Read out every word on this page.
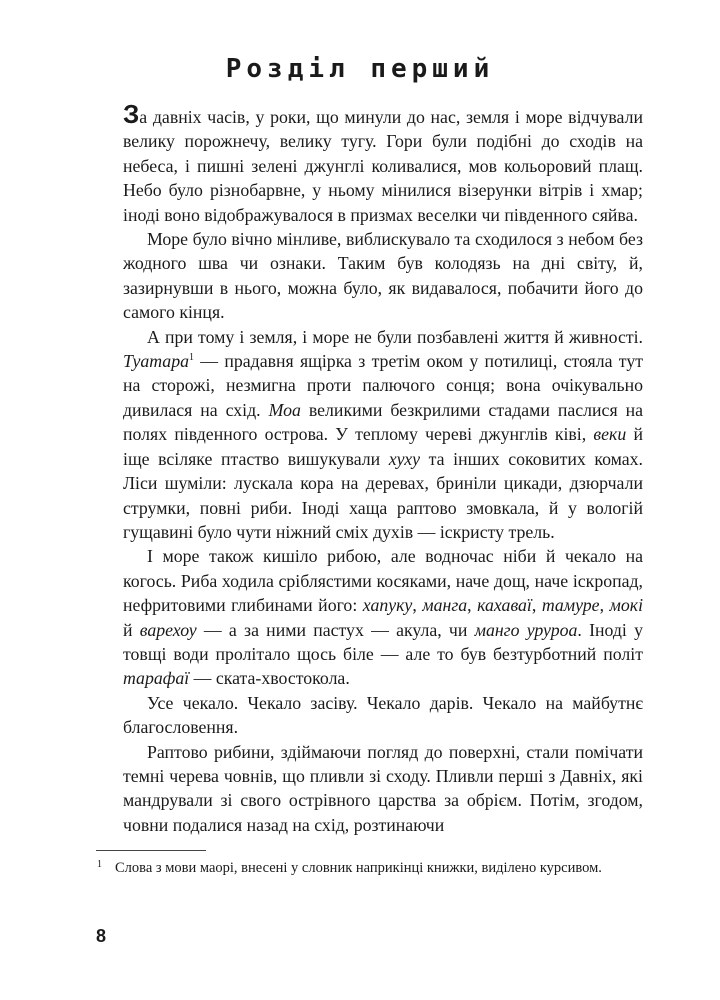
Розділ перший

За давніх часів, у роки, що минули до нас, земля і море відчували велику порожнечу, велику тугу. Гори були подібні до сходів на небеса, і пишні зелені джунглі коливалися, мов кольоровий плащ. Небо було різнобарвне, у ньому мінилися візерунки вітрів і хмар; іноді воно відображувалося в призмах веселки чи південного сяйва.

Море було вічно мінливе, виблискувало та сходилося з небом без жодного шва чи ознаки. Таким був колодязь на дні світу, й, зазирнувши в нього, можна було, як видавалося, побачити його до самого кінця.

А при тому і земля, і море не були позбавлені життя й живності. Туатара$^1$ — прадавня ящірка з третім оком у потилиці, стояла тут на сторожі, незмигна проти палючого сонця; вона очікувально дивилася на схід. Моа великими безкрилими стадами паслися на полях південного острова. У теплому череві джунглів ківі, веки й іще всіляке птаство вишукували хуху та інших соковитих комах. Ліси шуміли: лускала кора на деревах, бриніли цикади, дзюрчали струмки, повні риби. Іноді хаща раптово змовкала, й у вологій гущавині було чути ніжний сміх духів — іскристу трель.

І море також кишіло рибою, але водночас ніби й чекало на когось. Риба ходила сріблястими косяками, наче дощ, наче іскропад, нефритовими глибинами його: хапуку, манга, кахаваї, тамуре, мокі й варехоу — а за ними пастух — акула, чи манго уруроа. Іноді у товщі води пролітало щось біле — але то був безтурботний політ тарафаї — ската-хвостокола.

Усе чекало. Чекало засіву. Чекало дарів. Чекало на майбутнє благословення.

Раптово рибини, здіймаючи погляд до поверхні, стали помічати темні черева човнів, що пливли зі сходу. Пливли перші з Давніх, які мандрували зі свого острівного царства за обрієм. Потім, згодом, човни подалися назад на схід, розтинаючи

1 Слова з мови маорі, внесені у словник наприкінці книжки, виділено курсивом.

8
